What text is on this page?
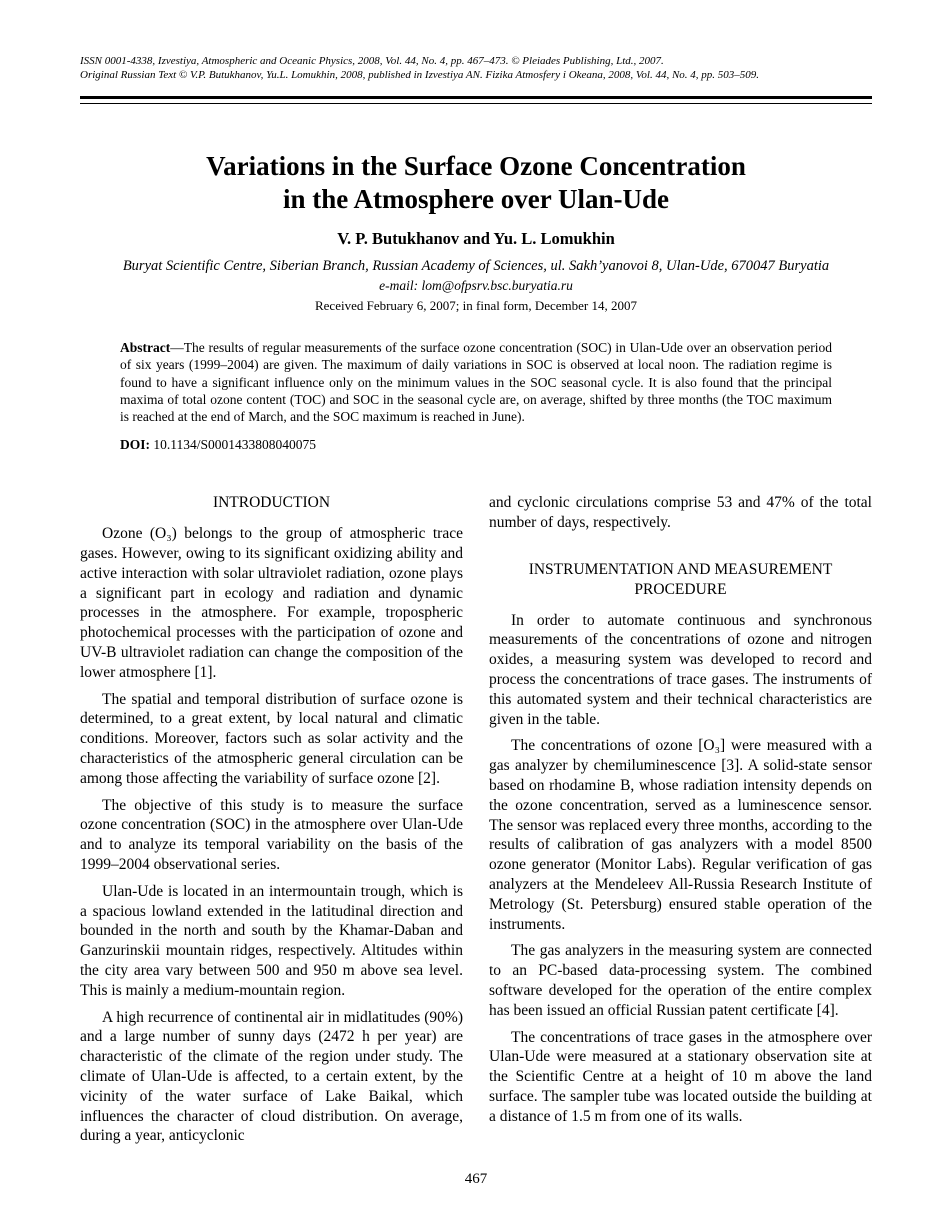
ISSN 0001-4338, Izvestiya, Atmospheric and Oceanic Physics, 2008, Vol. 44, No. 4, pp. 467–473. © Pleiades Publishing, Ltd., 2007.
Original Russian Text © V.P. Butukhanov, Yu.L. Lomukhin, 2008, published in Izvestiya AN. Fizika Atmosfery i Okeana, 2008, Vol. 44, No. 4, pp. 503–509.
Variations in the Surface Ozone Concentration
in the Atmosphere over Ulan-Ude
V. P. Butukhanov and Yu. L. Lomukhin
Buryat Scientific Centre, Siberian Branch, Russian Academy of Sciences, ul. Sakh’yanovoi 8, Ulan-Ude, 670047 Buryatia
e-mail: lom@ofpsrv.bsc.buryatia.ru
Received February 6, 2007; in final form, December 14, 2007

Abstract—The results of regular measurements of the surface ozone concentration (SOC) in Ulan-Ude over an observation period of six years (1999–2004) are given. The maximum of daily variations in SOC is observed at local noon. The radiation regime is found to have a significant influence only on the minimum values in the SOC seasonal cycle. It is also found that the principal maxima of total ozone content (TOC) and SOC in the seasonal cycle are, on average, shifted by three months (the TOC maximum is reached at the end of March, and the SOC maximum is reached in June).

DOI: 10.1134/S0001433808040075

INTRODUCTION

Ozone (O₃) belongs to the group of atmospheric trace gases. However, owing to its significant oxidizing ability and active interaction with solar ultraviolet radiation, ozone plays a significant part in ecology and radiation and dynamic processes in the atmosphere. For example, tropospheric photochemical processes with the participation of ozone and UV-B ultraviolet radiation can change the composition of the lower atmosphere [1].

The spatial and temporal distribution of surface ozone is determined, to a great extent, by local natural and climatic conditions. Moreover, factors such as solar activity and the characteristics of the atmospheric general circulation can be among those affecting the variability of surface ozone [2].

The objective of this study is to measure the surface ozone concentration (SOC) in the atmosphere over Ulan-Ude and to analyze its temporal variability on the basis of the 1999–2004 observational series.

Ulan-Ude is located in an intermountain trough, which is a spacious lowland extended in the latitudinal direction and bounded in the north and south by the Khamar-Daban and Ganzurinskii mountain ridges, respectively. Altitudes within the city area vary between 500 and 950 m above sea level. This is mainly a medium-mountain region.

A high recurrence of continental air in midlatitudes (90%) and a large number of sunny days (2472 h per year) are characteristic of the climate of the region under study. The climate of Ulan-Ude is affected, to a certain extent, by the vicinity of the water surface of Lake Baikal, which influences the character of cloud distribution. On average, during a year, anticyclonic

and cyclonic circulations comprise 53 and 47% of the total number of days, respectively.

INSTRUMENTATION AND MEASUREMENT PROCEDURE

In order to automate continuous and synchronous measurements of the concentrations of ozone and nitrogen oxides, a measuring system was developed to record and process the concentrations of trace gases. The instruments of this automated system and their technical characteristics are given in the table.

The concentrations of ozone [O₃] were measured with a gas analyzer by chemiluminescence [3]. A solid-state sensor based on rhodamine B, whose radiation intensity depends on the ozone concentration, served as a luminescence sensor. The sensor was replaced every three months, according to the results of calibration of gas analyzers with a model 8500 ozone generator (Monitor Labs). Regular verification of gas analyzers at the Mendeleev All-Russia Research Institute of Metrology (St. Petersburg) ensured stable operation of the instruments.

The gas analyzers in the measuring system are connected to an PC-based data-processing system. The combined software developed for the operation of the entire complex has been issued an official Russian patent certificate [4].

The concentrations of trace gases in the atmosphere over Ulan-Ude were measured at a stationary observation site at the Scientific Centre at a height of 10 m above the land surface. The sampler tube was located outside the building at a distance of 1.5 m from one of its walls.

467
